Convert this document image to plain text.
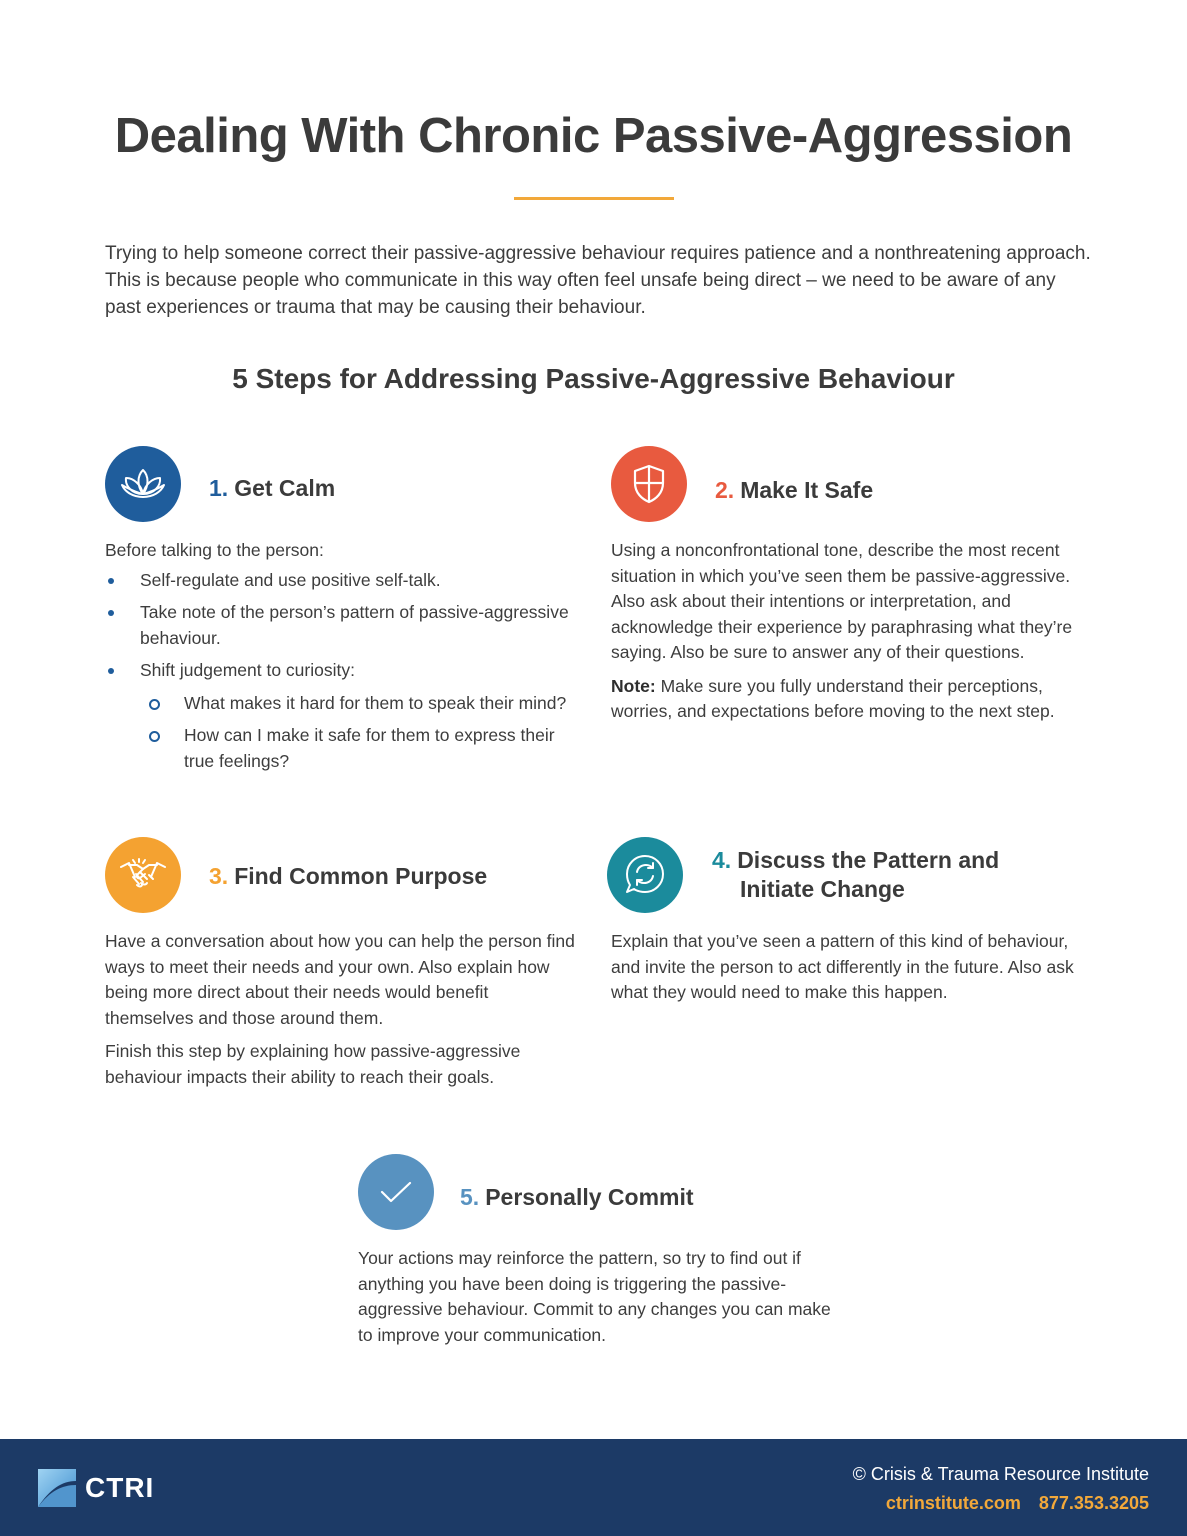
Dealing With Chronic Passive-Aggression

Trying to help someone correct their passive-aggressive behaviour requires patience and a nonthreatening approach. This is because people who communicate in this way often feel unsafe being direct – we need to be aware of any past experiences or trauma that may be causing their behaviour.

5 Steps for Addressing Passive-Aggressive Behaviour
1. Get Calm

Before talking to the person:

Self-regulate and use positive self-talk.
Take note of the person’s pattern of passive-aggressive behaviour.
Shift judgement to curiosity:
What makes it hard for them to speak their mind?
How can I make it safe for them to express their true feelings?
2. Make It Safe

Using a nonconfrontational tone, describe the most recent situation in which you’ve seen them be passive-aggressive. Also ask about their intentions or interpretation, and acknowledge their experience by paraphrasing what they’re saying. Also be sure to answer any of their questions.

Note: Make sure you fully understand their perceptions, worries, and expectations before moving to the next step.

3. Find Common Purpose

Have a conversation about how you can help the person find ways to meet their needs and your own. Also explain how being more direct about their needs would benefit themselves and those around them.

Finish this step by explaining how passive-aggressive behaviour impacts their ability to reach their goals.

4. Discuss the Pattern and
Initiate Change

Explain that you’ve seen a pattern of this kind of behaviour, and invite the person to act differently in the future. Also ask what they would need to make this happen.

5. Personally Commit

Your actions may reinforce the pattern, so try to find out if anything you have been doing is triggering the passive-aggressive behaviour. Commit to any changes you can make to improve your communication.

CTRI	© Crisis & Trauma Resource Institute
ctrinstitute.com 877.353.3205
